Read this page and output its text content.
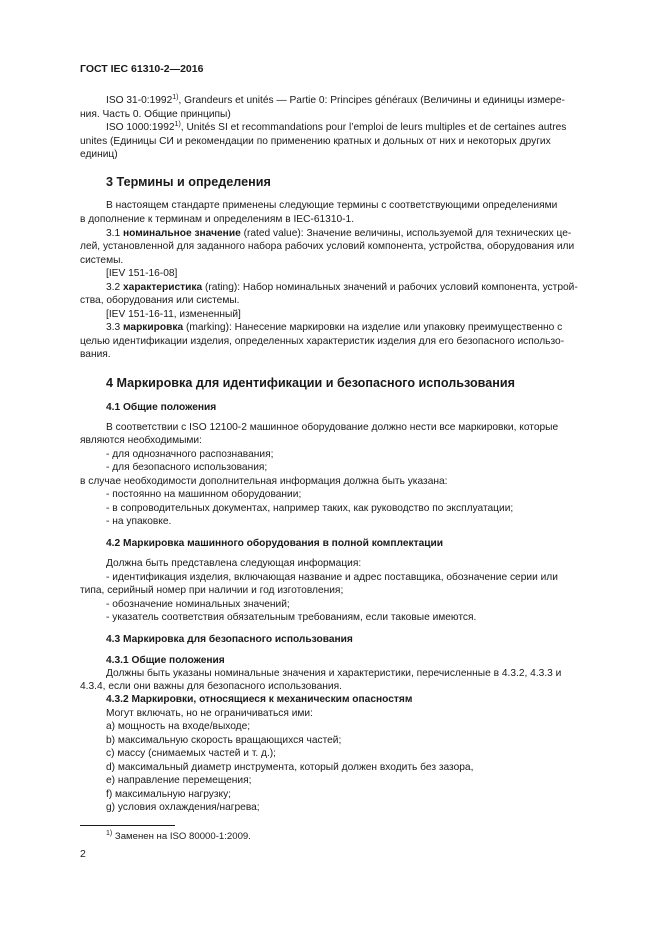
ГОСТ IEC 61310-2—2016
ISO 31-0:1992$^{1)}$, Grandeurs et unités — Partie 0: Principes généraux (Величины и единицы измере-
ния. Часть 0. Общие принципы)
ISO 1000:1992$^{1)}$, Unités SI et recommandations pour l’emploi de leurs multiples et de certaines autres
unites (Единицы СИ и рекомендации по применению кратных и дольных от них и некоторых других
единиц)
3 Термины и определения
В настоящем стандарте применены следующие термины с соответствующими определениями
в дополнение к терминам и определениям в IEC-61310-1.
3.1 номинальное значение (rated value): Значение величины, используемой для технических це-
лей, установленной для заданного набора рабочих условий компонента, устройства, оборудования или
системы.
[IEV 151-16-08]
3.2 характеристика (rating): Набор номинальных значений и рабочих условий компонента, устрой-
ства, оборудования или системы.
[IEV 151-16-11, измененный]
3.3 маркировка (marking): Нанесение маркировки на изделие или упаковку преимущественно с
целью идентификации изделия, определенных характеристик изделия для его безопасного использо-
вания.
4 Маркировка для идентификации и безопасного использования
4.1 Общие положения
В соответствии с ISO 12100-2 машинное оборудование должно нести все маркировки, которые
являются необходимыми:
- для однозначного распознавания;
- для безопасного использования;
в случае необходимости дополнительная информация должна быть указана:
- постоянно на машинном оборудовании;
- в сопроводительных документах, например таких, как руководство по эксплуатации;
- на упаковке.
4.2 Маркировка машинного оборудования в полной комплектации
Должна быть представлена следующая информация:
- идентификация изделия, включающая название и адрес поставщика, обозначение серии или
типа, серийный номер при наличии и год изготовления;
- обозначение номинальных значений;
- указатель соответствия обязательным требованиям, если таковые имеются.
4.3 Маркировка для безопасного использования
4.3.1 Общие положения
Должны быть указаны номинальные значения и характеристики, перечисленные в 4.3.2, 4.3.3 и
4.3.4, если они важны для безопасного использования.
4.3.2 Маркировки, относящиеся к механическим опасностям
Могут включать, но не ограничиваться ими:
a) мощность на входе/выходе;
b) максимальную скорость вращающихся частей;
c) массу (снимаемых частей и т. д.);
d) максимальный диаметр инструмента, который должен входить без зазора,
e) направление перемещения;
f) максимальную нагрузку;
g) условия охлаждения/нагрева;
$^{1)}$ Заменен на ISO 80000-1:2009.
2
